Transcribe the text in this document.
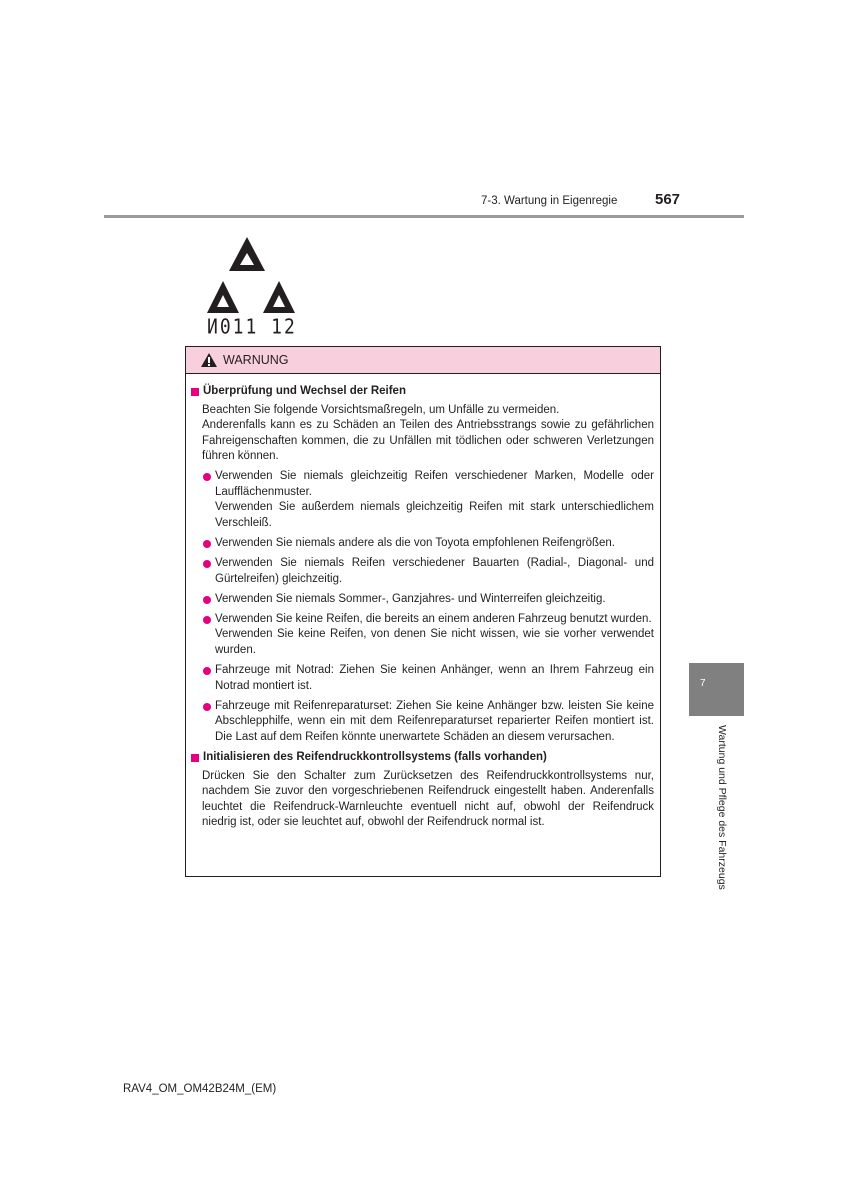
7-3. Wartung in Eigenregie	567
И011 12
WARNUNG
Überprüfung und Wechsel der Reifen

Beachten Sie folgende Vorsichtsmaßregeln, um Unfälle zu vermeiden.

Anderenfalls kann es zu Schäden an Teilen des Antriebsstrangs sowie zu gefährlichen Fahreigenschaften kommen, die zu Unfällen mit tödlichen oder schweren Verletzungen führen können.

Verwenden Sie niemals gleichzeitig Reifen verschiedener Marken, Modelle oder Laufflächenmuster.

Verwenden Sie außerdem niemals gleichzeitig Reifen mit stark unterschiedlichem Verschleiß.

Verwenden Sie niemals andere als die von Toyota empfohlenen Reifengrößen.

Verwenden Sie niemals Reifen verschiedener Bauarten (Radial-, Diagonal- und Gürtelreifen) gleichzeitig.

Verwenden Sie niemals Sommer-, Ganzjahres- und Winterreifen gleichzeitig.

Verwenden Sie keine Reifen, die bereits an einem anderen Fahrzeug benutzt wurden.

Verwenden Sie keine Reifen, von denen Sie nicht wissen, wie sie vorher verwendet wurden.

Fahrzeuge mit Notrad: Ziehen Sie keinen Anhänger, wenn an Ihrem Fahrzeug ein Notrad montiert ist.

Fahrzeuge mit Reifenreparaturset: Ziehen Sie keine Anhänger bzw. leisten Sie keine Abschlepphilfe, wenn ein mit dem Reifenreparaturset reparierter Reifen montiert ist. Die Last auf dem Reifen könnte unerwartete Schäden an diesem verursachen.

Initialisieren des Reifendruckkontrollsystems (falls vorhanden)

Drücken Sie den Schalter zum Zurücksetzen des Reifendruckkontrollsystems nur, nachdem Sie zuvor den vorgeschriebenen Reifendruck eingestellt haben. Anderenfalls leuchtet die Reifendruck-Warnleuchte eventuell nicht auf, obwohl der Reifendruck niedrig ist, oder sie leuchtet auf, obwohl der Reifendruck normal ist.

7
Wartung und Pflege des Fahrzeugs
RAV4_OM_OM42B24M_(EM)
